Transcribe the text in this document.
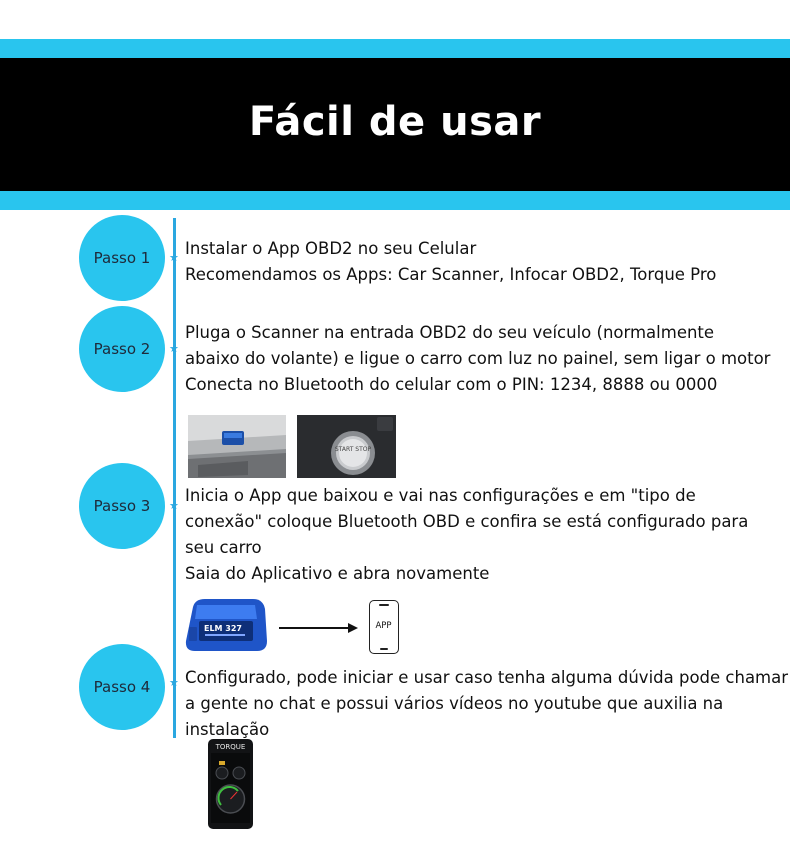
Fácil de usar
Passo 1 ★ Instalar o App OBD2 no seu Celular
Recomendamos os Apps: Car Scanner, Infocar OBD2, Torque Pro
Passo 2 ★
Pluga o Scanner na entrada OBD2 do seu veículo (normalmente
abaixo do volante) e ligue o carro com luz no painel, sem ligar o motor
Conecta no Bluetooth do celular com o PIN: 1234, 8888 ou 0000
START STOP
Passo 3 ★
Inicia o App que baixou e vai nas configurações e em "tipo de
conexão" coloque Bluetooth OBD e confira se está configurado para
seu carro
Saia do Aplicativo e abra novamente
ELM 327	APP
Passo 4 ★ Configurado, pode iniciar e usar caso tenha alguma dúvida pode chamar
a gente no chat e possui vários vídeos no youtube que auxilia na
instalação
TORQUE
